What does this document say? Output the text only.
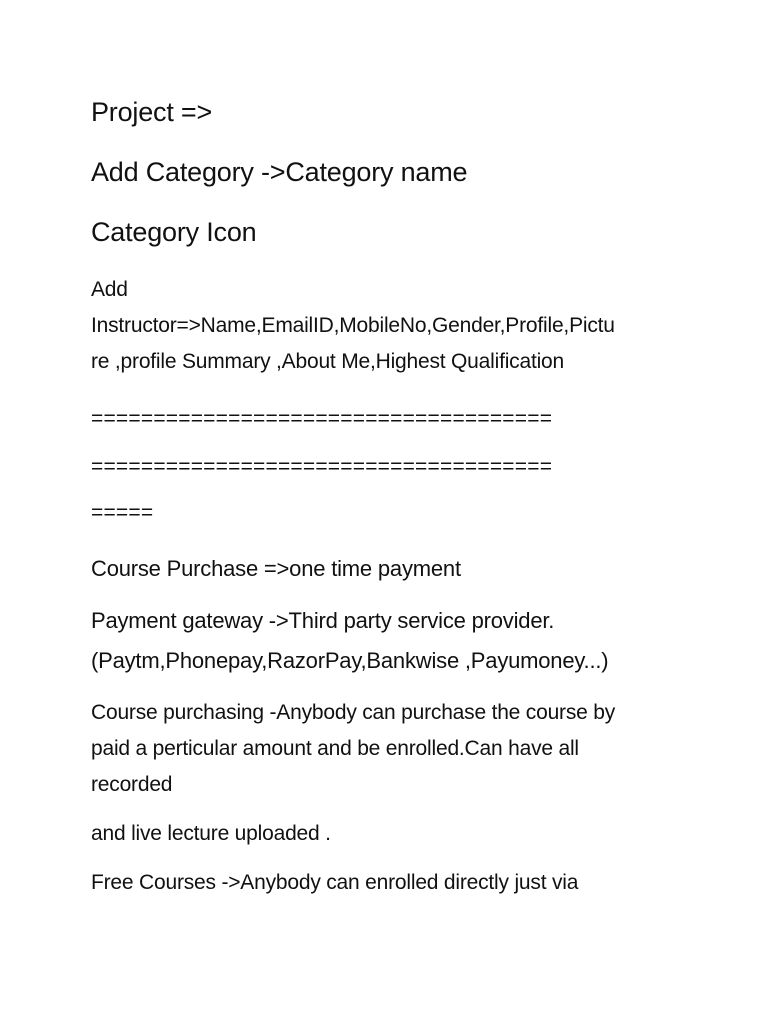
Project =>
Add Category ->Category name
Category Icon
Add
Instructor=>Name,EmailID,MobileNo,Gender,Profile,Pictu
re ,profile Summary ,About Me,Highest Qualification
=====================================
=====================================
=====
Course Purchase =>one time payment
Payment gateway ->Third party service provider.
(Paytm,Phonepay,RazorPay,Bankwise ,Payumoney...)
Course purchasing -Anybody can purchase the course by
paid a perticular amount and be enrolled.Can have all
recorded
and live lecture uploaded .
Free Courses ->Anybody can enrolled directly just via
